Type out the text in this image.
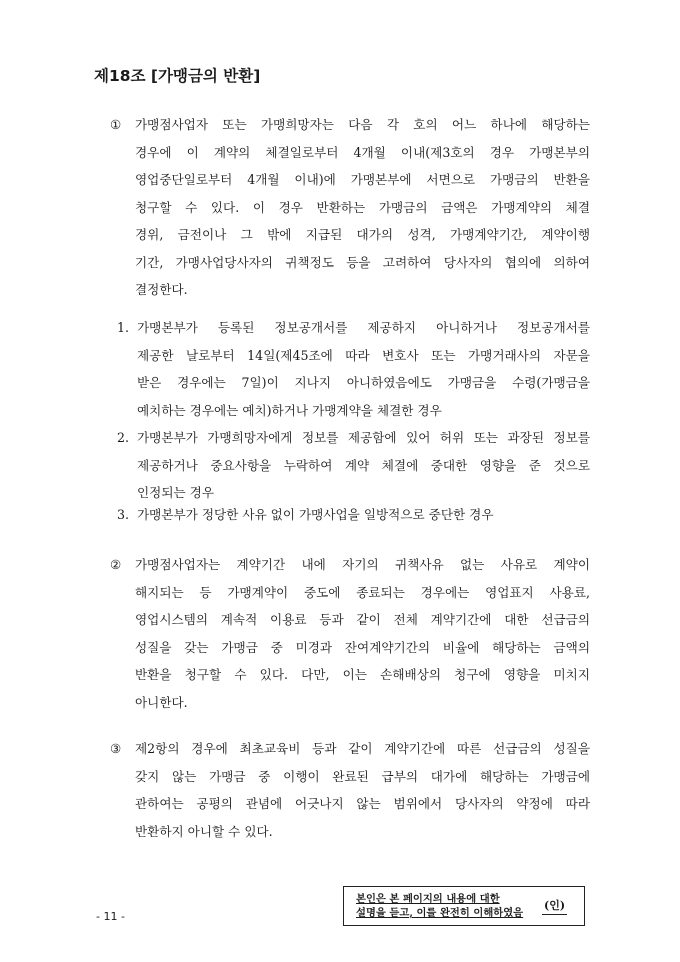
제18조 [가맹금의 반환]
① 가맹점사업자 또는 가맹희망자는 다음 각 호의 어느 하나에 해당하는
경우에 이 계약의 체결일로부터 4개월 이내(제3호의 경우 가맹본부의
영업중단일로부터 4개월 이내)에 가맹본부에 서면으로 가맹금의 반환을
청구할 수 있다. 이 경우 반환하는 가맹금의 금액은 가맹계약의 체결
경위, 금전이나 그 밖에 지급된 대가의 성격, 가맹계약기간, 계약이행
기간, 가맹사업당사자의 귀책정도 등을 고려하여 당사자의 협의에 의하여
결정한다.
1. 가맹본부가 등록된 정보공개서를 제공하지 아니하거나 정보공개서를
제공한 날로부터 14일(제45조에 따라 변호사 또는 가맹거래사의 자문을
받은 경우에는 7일)이 지나지 아니하였음에도 가맹금을 수령(가맹금을
예치하는 경우에는 예치)하거나 가맹계약을 체결한 경우
2. 가맹본부가 가맹희망자에게 정보를 제공함에 있어 허위 또는 과장된 정보를
제공하거나 중요사항을 누락하여 계약 체결에 중대한 영향을 준 것으로
인정되는 경우
3. 가맹본부가 정당한 사유 없이 가맹사업을 일방적으로 중단한 경우
② 가맹점사업자는 계약기간 내에 자기의 귀책사유 없는 사유로 계약이
해지되는 등 가맹계약이 중도에 종료되는 경우에는 영업표지 사용료,
영업시스템의 계속적 이용료 등과 같이 전체 계약기간에 대한 선급금의
성질을 갖는 가맹금 중 미경과 잔여계약기간의 비율에 해당하는 금액의
반환을 청구할 수 있다. 다만, 이는 손해배상의 청구에 영향을 미치지
아니한다.
③ 제2항의 경우에 최초교육비 등과 같이 계약기간에 따른 선급금의 성질을
갖지 않는 가맹금 중 이행이 완료된 급부의 대가에 해당하는 가맹금에
관하여는 공평의 관념에 어긋나지 않는 범위에서 당사자의 약정에 따라
반환하지 아니할 수 있다.
본인은 본 페이지의 내용에 대한
설명을 듣고, 이를 완전히 이해하였음
(인)

- 11 -
